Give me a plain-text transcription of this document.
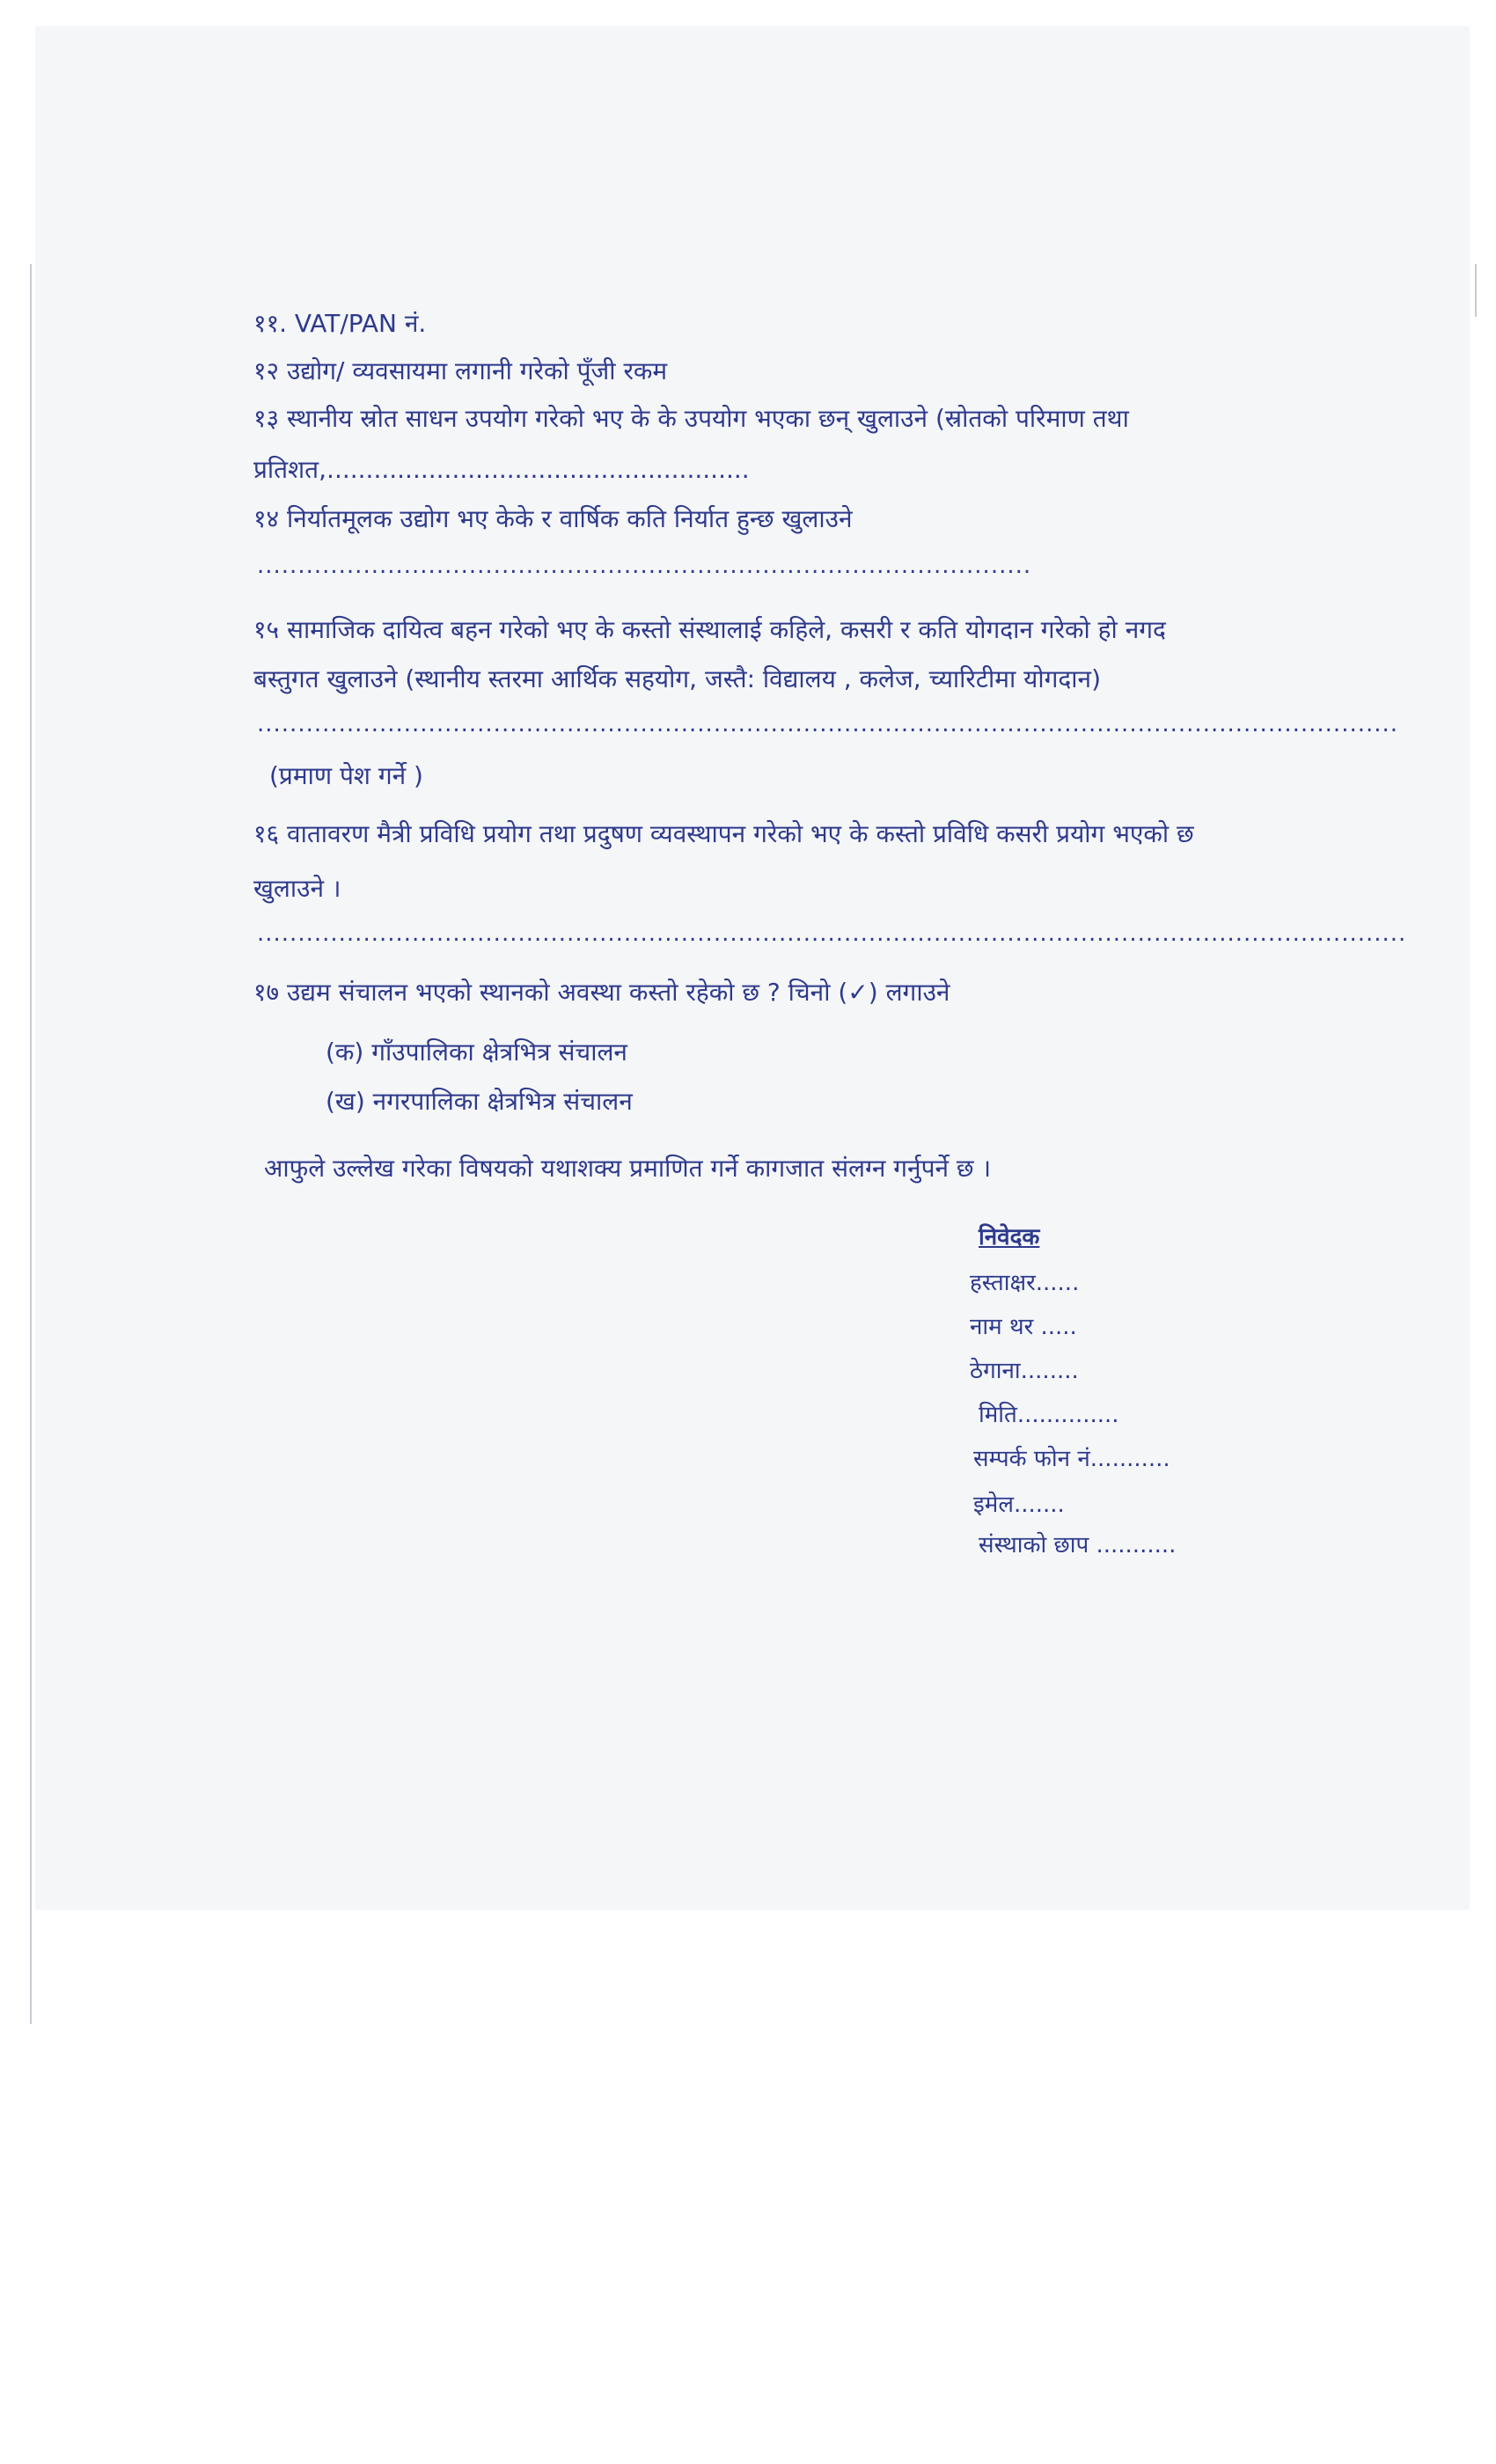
११. VAT/PAN नं.
१२ उद्योग/ व्यवसायमा लगानी गरेको पूँजी रकम
१३ स्थानीय स्रोत साधन उपयोग गरेको भए के के उपयोग भएका छन् खुलाउने (स्रोतको परिमाण तथा
प्रतिशत,......................................................
१४ निर्यातमूलक उद्योग भए केके र वार्षिक कति निर्यात हुन्छ खुलाउने
...............................................................................................
१५ सामाजिक दायित्व बहन गरेको भए के कस्तो संस्थालाई कहिले, कसरी र कति योगदान गरेको हो नगद
बस्तुगत खुलाउने (स्थानीय स्तरमा आर्थिक सहयोग, जस्तै: विद्यालय , कलेज, च्यारिटीमा योगदान)
............................................................................................................................................
(प्रमाण पेश गर्ने )
१६ वातावरण मैत्री प्रविधि प्रयोग तथा प्रदुषण व्यवस्थापन गरेको भए के कस्तो प्रविधि कसरी प्रयोग भएको छ
खुलाउने ।
.............................................................................................................................................
१७ उद्यम संचालन भएको स्थानको अवस्था कस्तो रहेको छ ? चिनो (✓) लगाउने
(क) गाँउपालिका क्षेत्रभित्र संचालन
(ख) नगरपालिका क्षेत्रभित्र संचालन
आफुले उल्लेख गरेका विषयको यथाशक्य प्रमाणित गर्ने कागजात संलग्न गर्नुपर्ने छ ।
निवेदक
हस्ताक्षर......
नाम थर .....
ठेगाना........
मिति..............
सम्पर्क फोन नं...........
इमेल.......
संस्थाको छाप ...........
